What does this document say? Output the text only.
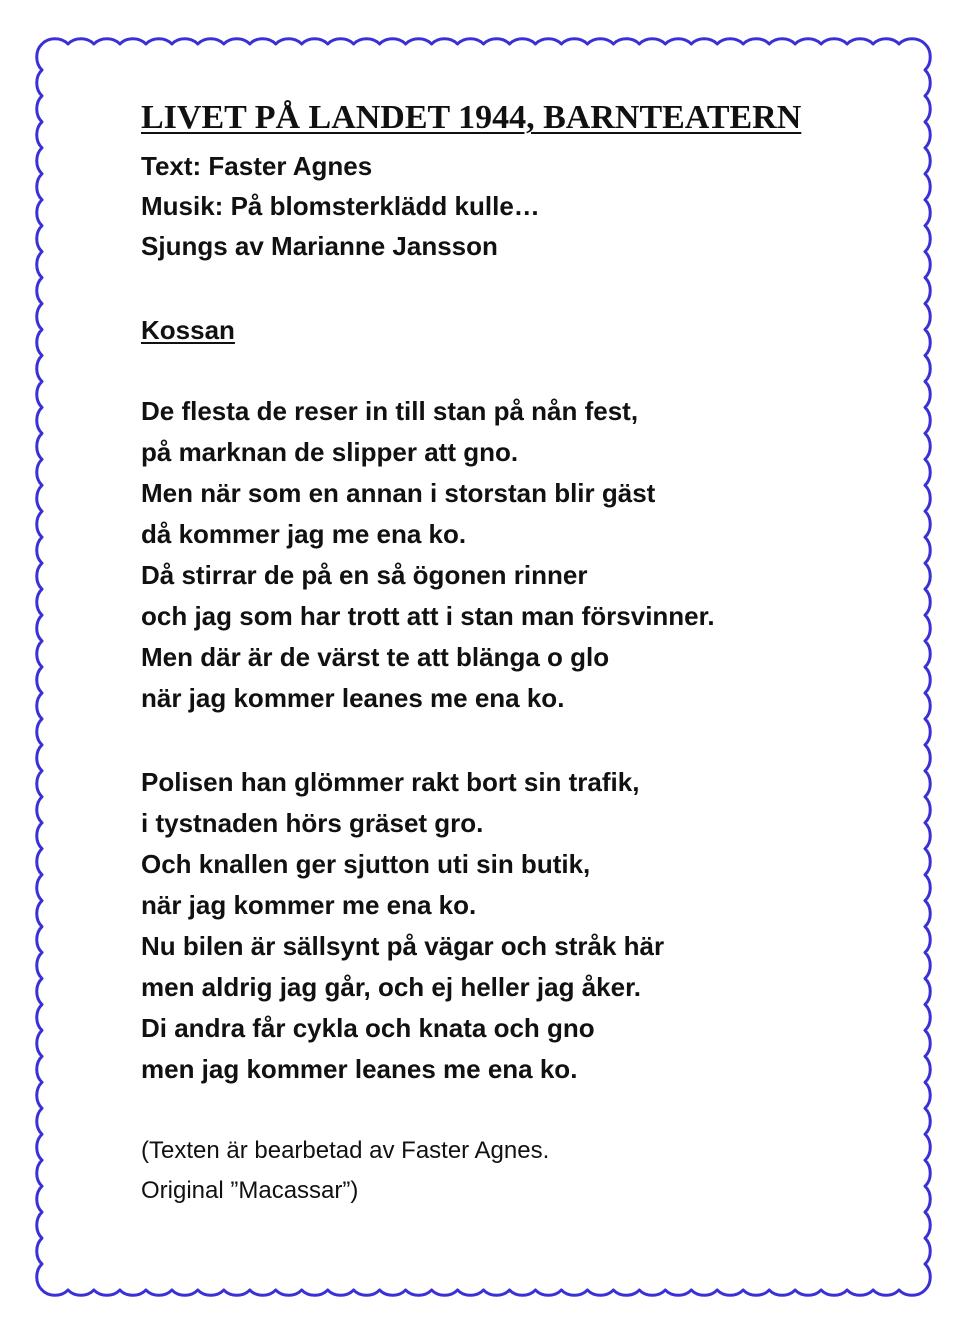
LIVET PÅ LANDET 1944, BARNTEATERN
Text: Faster Agnes
Musik: På blomsterklädd kulle…
Sjungs av Marianne Jansson
Kossan
De flesta de reser in till stan på nån fest,
på marknan de slipper att gno.
Men när som en annan i storstan blir gäst
då kommer jag me ena ko.
Då stirrar de på en så ögonen rinner
och jag som har trott att i stan man försvinner.
Men där är de värst te att blänga o glo
när jag kommer leanes me ena ko.
Polisen han glömmer rakt bort sin trafik,
i tystnaden hörs gräset gro.
Och knallen ger sjutton uti sin butik,
när jag kommer me ena ko.
Nu bilen är sällsynt på vägar och stråk här
men aldrig jag går, och ej heller jag åker.
Di andra får cykla och knata och gno
men jag kommer leanes me ena ko.
(Texten är bearbetad av Faster Agnes.
Original ”Macassar”)
